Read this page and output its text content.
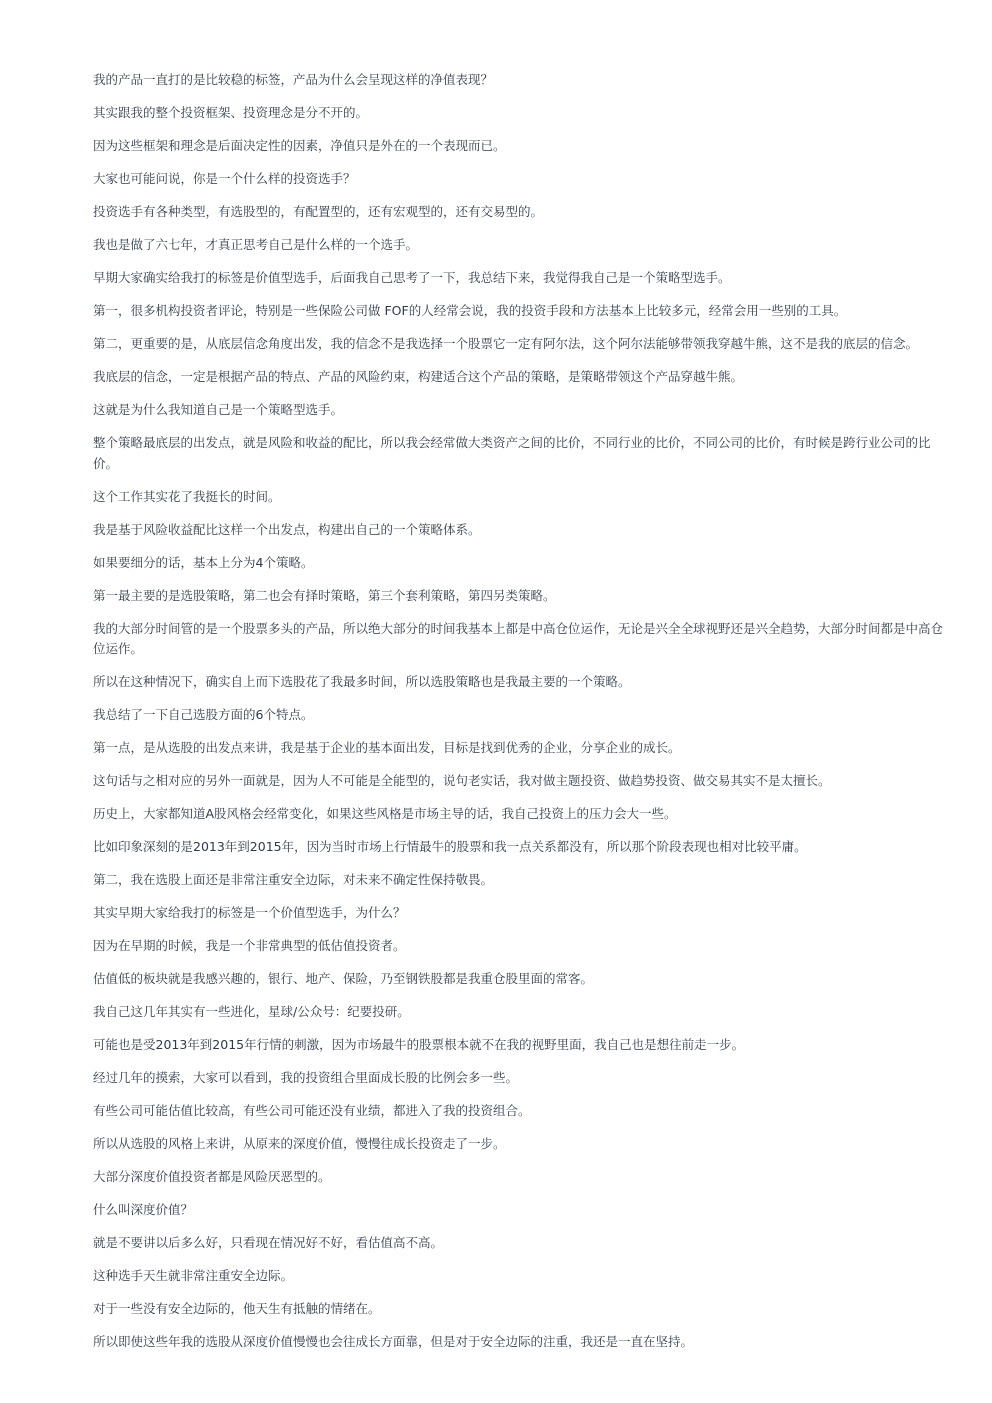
我的产品一直打的是比较稳的标签，产品为什么会呈现这样的净值表现？

其实跟我的整个投资框架、投资理念是分不开的。

因为这些框架和理念是后面决定性的因素，净值只是外在的一个表现而已。

大家也可能问说，你是一个什么样的投资选手？

投资选手有各种类型，有选股型的，有配置型的，还有宏观型的，还有交易型的。

我也是做了六七年，才真正思考自己是什么样的一个选手。

早期大家确实给我打的标签是价值型选手，后面我自己思考了一下，我总结下来，我觉得我自己是一个策略型选手。

第一，很多机构投资者评论，特别是一些保险公司做 FOF的人经常会说，我的投资手段和方法基本上比较多元，经常会用一些别的工具。

第二，更重要的是，从底层信念角度出发，我的信念不是我选择一个股票它一定有阿尔法，这个阿尔法能够带领我穿越牛熊，这不是我的底层的信念。

我底层的信念，一定是根据产品的特点、产品的风险约束，构建适合这个产品的策略，是策略带领这个产品穿越牛熊。

这就是为什么我知道自己是一个策略型选手。

整个策略最底层的出发点，就是风险和收益的配比，所以我会经常做大类资产之间的比价，不同行业的比价，不同公司的比价，有时候是跨行业公司的比价。

这个工作其实花了我挺长的时间。

我是基于风险收益配比这样一个出发点，构建出自己的一个策略体系。

如果要细分的话，基本上分为4个策略。

第一最主要的是选股策略，第二也会有择时策略，第三个套利策略，第四另类策略。

我的大部分时间管的是一个股票多头的产品，所以绝大部分的时间我基本上都是中高仓位运作，无论是兴全全球视野还是兴全趋势，大部分时间都是中高仓位运作。

所以在这种情况下，确实自上而下选股花了我最多时间，所以选股策略也是我最主要的一个策略。

我总结了一下自己选股方面的6个特点。

第一点，是从选股的出发点来讲，我是基于企业的基本面出发，目标是找到优秀的企业，分享企业的成长。

这句话与之相对应的另外一面就是，因为人不可能是全能型的，说句老实话，我对做主题投资、做趋势投资、做交易其实不是太擅长。

历史上，大家都知道A股风格会经常变化，如果这些风格是市场主导的话，我自己投资上的压力会大一些。

比如印象深刻的是2013年到2015年，因为当时市场上行情最牛的股票和我一点关系都没有，所以那个阶段表现也相对比较平庸。

第二，我在选股上面还是非常注重安全边际，对未来不确定性保持敬畏。

其实早期大家给我打的标签是一个价值型选手，为什么？

因为在早期的时候，我是一个非常典型的低估值投资者。

估值低的板块就是我感兴趣的，银行、地产、保险，乃至钢铁股都是我重仓股里面的常客。

我自己这几年其实有一些进化，星球/公众号：纪要投研。

可能也是受2013年到2015年行情的刺激，因为市场最牛的股票根本就不在我的视野里面，我自己也是想往前走一步。

经过几年的摸索，大家可以看到，我的投资组合里面成长股的比例会多一些。

有些公司可能估值比较高，有些公司可能还没有业绩，都进入了我的投资组合。

所以从选股的风格上来讲，从原来的深度价值，慢慢往成长投资走了一步。

大部分深度价值投资者都是风险厌恶型的。

什么叫深度价值？

就是不要讲以后多么好，只看现在情况好不好，看估值高不高。

这种选手天生就非常注重安全边际。

对于一些没有安全边际的，他天生有抵触的情绪在。

所以即使这些年我的选股从深度价值慢慢也会往成长方面靠，但是对于安全边际的注重，我还是一直在坚持。
